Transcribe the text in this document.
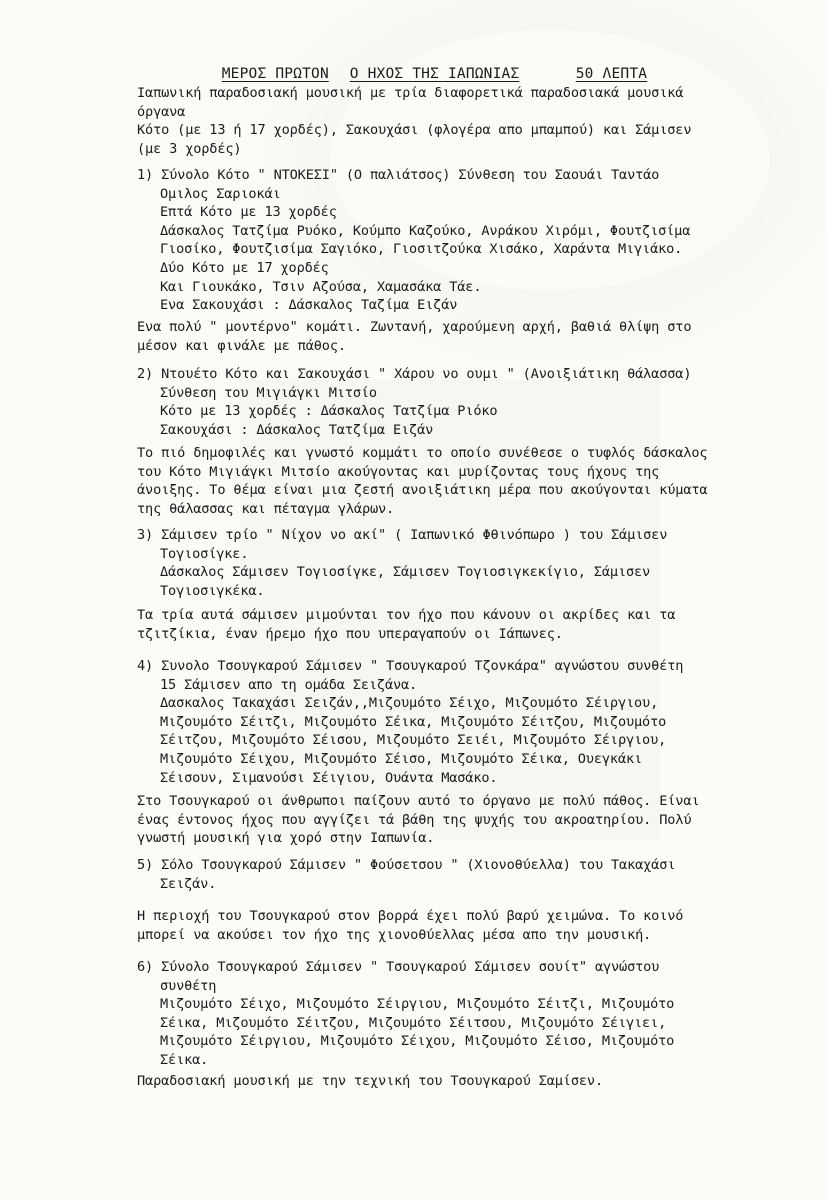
ΜΕΡΟΣ ΠΡΩΤΟΝ Ο ΗΧΟΣ ΤΗΣ ΙΑΠΩΝΙΑΣ	50 ΛΕΠΤΑ

Ιαπωνική παραδοσιακή μουσική με τρία διαφορετικά παραδοσιακά μουσικά
όργανα
Κότο (με 13 ή 17 χορδές), Σακουχάσι (φλογέρα απο μπαμπού) και Σάμισεν
(με 3 χορδές)
1) Σύνολο Κότο " ΝΤΟΚΕΣΙ" (Ο παλιάτσος) Σύνθεση του Σαουάι Ταντάο
Ομιλος Σαριοκάι
Επτά Κότο με 13 χορδές
Δάσκαλος Τατζίμα Ρυόκο, Κούμπο Καζούκο, Ανράκου Χιρόμι, Φουτζισίμα
Γιοσίκο, Φουτζισίμα Σαγιόκο, Γιοσιτζούκα Χισάκο, Χαράντα Μιγιάκο.
Δύο Κότο με 17 χορδές
Και Γιουκάκο, Τσιν Αζούσα, Χαμασάκα Τάε.
Ενα Σακουχάσι : Δάσκαλος Ταζίμα Ειζάν
Ενα πολύ " μοντέρνο" κομάτι. Ζωντανή, χαρούμενη αρχή, βαθιά θλίψη στο
μέσον και φινάλε με πάθος.
2) Ντουέτο Κότο και Σακουχάσι " Χάρου νο ουμι " (Ανοιξιάτικη θάλασσα)
Σύνθεση του Μιγιάγκι Μιτσίο
Κότο με 13 χορδές : Δάσκαλος Τατζίμα Ριόκο
Σακουχάσι : Δάσκαλος Τατζίμα Ειζάν
Το πιό δημοφιλές και γνωστό κομμάτι το οποίο συνέθεσε ο τυφλός δάσκαλος
του Κότο Μιγιάγκι Μιτσίο ακούγοντας και μυρίζοντας τους ήχους της
άνοιξης. Το θέμα είναι μια ζεστή ανοιξιάτικη μέρα που ακούγονται κύματα
της θάλασσας και πέταγμα γλάρων.
3) Σάμισεν τρίο " Νίχον νο ακί" ( Ιαπωνικό Φθινόπωρο ) του Σάμισεν
Τογιοσίγκε.
Δάσκαλος Σάμισεν Τογιοσίγκε, Σάμισεν Τογιοσιγκεκίγιο, Σάμισεν
Τογιοσιγκέκα.
Τα τρία αυτά σάμισεν μιμούνται τον ήχο που κάνουν οι ακρίδες και τα
τζιτζίκια, έναν ήρεμο ήχο που υπεραγαπούν οι Ιάπωνες.
4) Συνολο Τσουγκαρού Σάμισεν " Τσουγκαρού Τζονκάρα" αγνώστου συνθέτη
15 Σάμισεν απο τη ομάδα Σειζάνα.
Δασκαλος Τακαχάσι Σειζάν,,Μιζουμότο Σέιχο, Μιζουμότο Σέιργιου,
Μιζουμότο Σέιτζι, Μιζουμότο Σέικα, Μιζουμότο Σέιτζου, Μιζουμότο
Σέιτζου, Μιζουμότο Σέισου, Μιζουμότο Σειέι, Μιζουμότο Σέιργιου,
Μιζουμότο Σέιχου, Μιζουμότο Σέισο, Μιζουμότο Σέικα, Ουεγκάκι
Σέισουν, Σιμανούσι Σέιγιου, Ουάντα Μασάκο.
Στο Τσουγκαρού οι άνθρωποι παίζουν αυτό το όργανο με πολύ πάθος. Είναι
ένας έντονος ήχος που αγγίζει τά βάθη της ψυχής του ακροατηρίου. Πολύ
γνωστή μουσική για χορό στην Ιαπωνία.
5) Σόλο Τσουγκαρού Σάμισεν " Φούσετσου " (Χιονοθύελλα) του Τακαχάσι
Σειζάν.
Η περιοχή του Τσουγκαρού στον βορρά έχει πολύ βαρύ χειμώνα. Το κοινό
μπορεί να ακούσει τον ήχο της χιονοθύελλας μέσα απο την μουσική.
6) Σύνολο Τσουγκαρού Σάμισεν " Τσουγκαρού Σάμισεν σουίτ" αγνώστου
συνθέτη
Μιζουμότο Σέιχο, Μιζουμότο Σέιργιου, Μιζουμότο Σέιτζι, Μιζουμότο
Σέικα, Μιζουμότο Σέιτζου, Μιζουμότο Σέιτσου, Μιζουμότο Σέιγιει,
Μιζουμότο Σέιργιου, Μιζουμότο Σέιχου, Μιζουμότο Σέισο, Μιζουμότο
Σέικα.
Παραδοσιακή μουσική με την τεχνική του Τσουγκαρού Σαμίσεν.
